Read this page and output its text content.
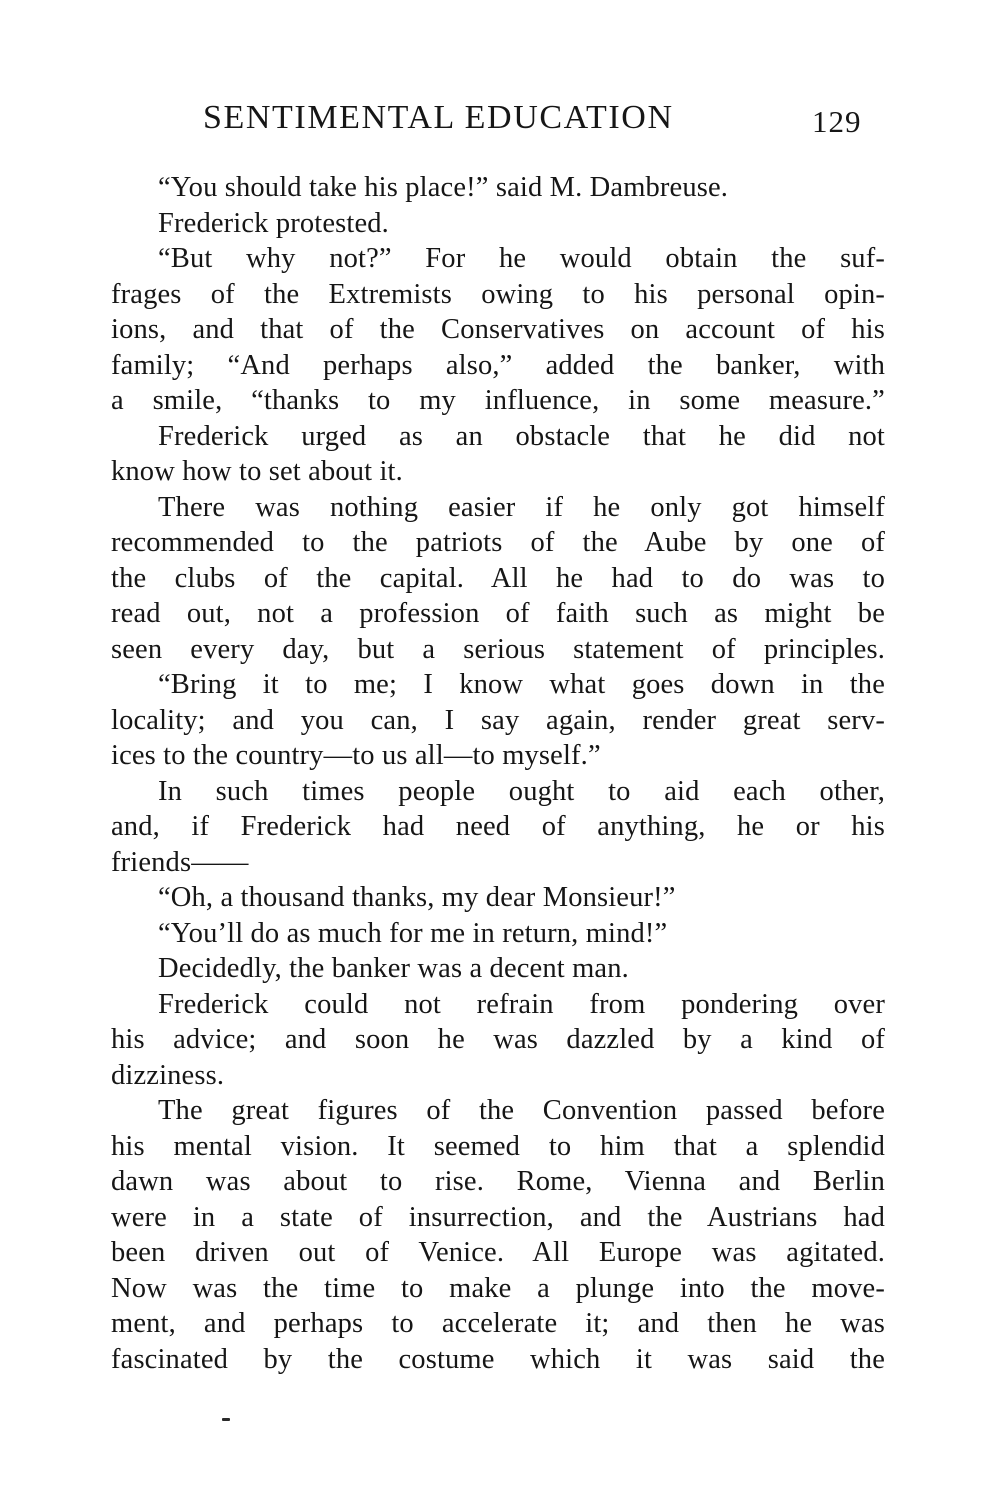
SENTIMENTAL EDUCATION	129
“You should take his place!” said M. Dambreuse.
Frederick protested.
“But why not?” For he would obtain the suf-
frages of the Extremists owing to his personal opin-
ions, and that of the Conservatives on account of his
family; “And perhaps also,” added the banker, with
a smile, “thanks to my influence, in some measure.”
Frederick urged as an obstacle that he did not
know how to set about it.
There was nothing easier if he only got himself
recommended to the patriots of the Aube by one of
the clubs of the capital. All he had to do was to
read out, not a profession of faith such as might be
seen every day, but a serious statement of principles.
“Bring it to me; I know what goes down in the
locality; and you can, I say again, render great serv-
ices to the country—to us all—to myself.”
In such times people ought to aid each other,
and, if Frederick had need of anything, he or his
friends——
“Oh, a thousand thanks, my dear Monsieur!”
“You’ll do as much for me in return, mind!”
Decidedly, the banker was a decent man.
Frederick could not refrain from pondering over
his advice; and soon he was dazzled by a kind of
dizziness.
The great figures of the Convention passed before
his mental vision. It seemed to him that a splendid
dawn was about to rise. Rome, Vienna and Berlin
were in a state of insurrection, and the Austrians had
been driven out of Venice. All Europe was agitated.
Now was the time to make a plunge into the move-
ment, and perhaps to accelerate it; and then he was
fascinated by the costume which it was said the
